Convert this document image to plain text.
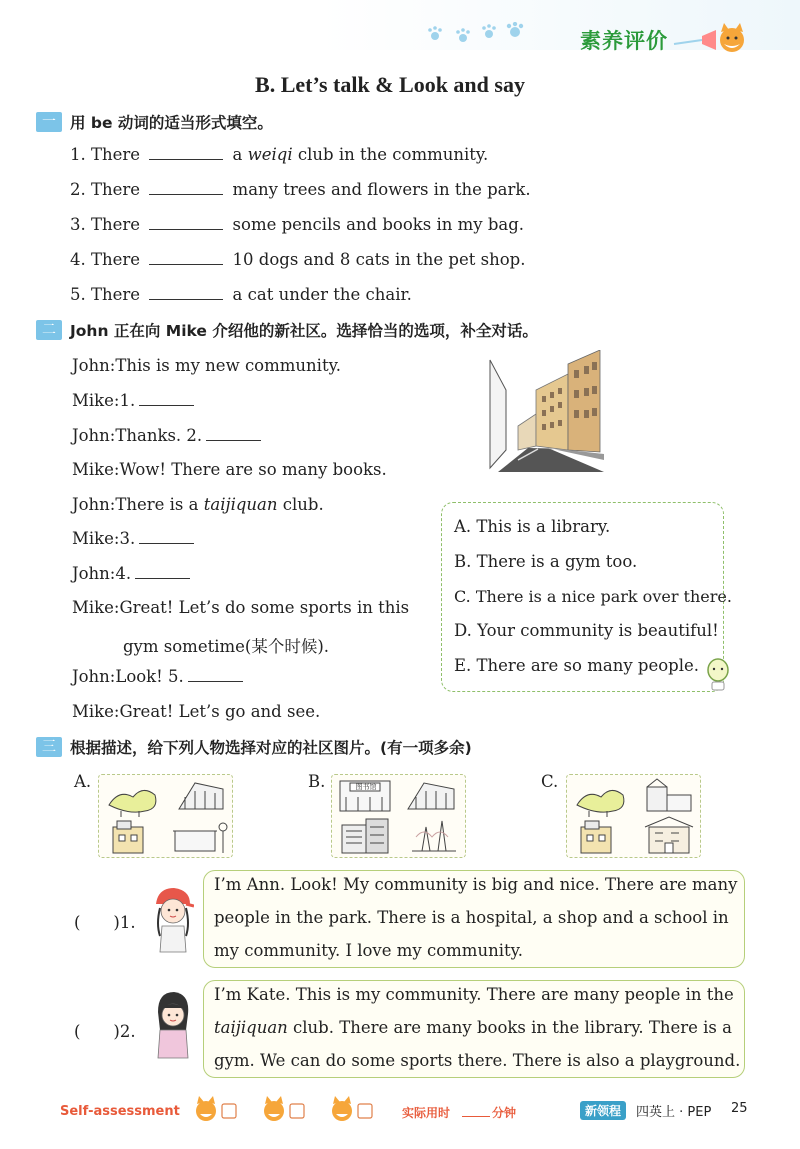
素养评价
B. Let’s talk & Look and say
一 用 be 动词的适当形式填空。
1. There	a weiqi club in the community.
2. There	many trees and flowers in the park.
3. There	some pencils and books in my bag.
4. There	10 dogs and 8 cats in the pet shop.
5. There	a cat under the chair.
二 John 正在向 Mike 介绍他的新社区。选择恰当的选项，补全对话。
John:This is my new community.
Mike:1.
John:Thanks. 2.
Mike:Wow! There are so many books.
John:There is a taijiquan club.
Mike:3.
John:4.
Mike:Great! Let’s do some sports in this
gym sometime(某个时候).
John:Look! 5.
Mike:Great! Let’s go and see.
A. This is a library.
B. There is a gym too.
C. There is a nice park over there.
D. Your community is beautiful!
E. There are so many people.
三 根据描述，给下列人物选择对应的社区图片。(有一项多余)
A.	B.	图书馆	C.
(　　)1.
I’m Ann. Look! My community is big and nice. There are many
people in the park. There is a hospital, a shop and a school in
my community. I love my community.
(　　)2.
I’m Kate. This is my community. There are many people in the
taijiquan club. There are many books in the library. There is a
gym. We can do some sports there. There is also a playground.
Self-assessment	实际用时	分钟	新领程	四英上 · PEP 25
